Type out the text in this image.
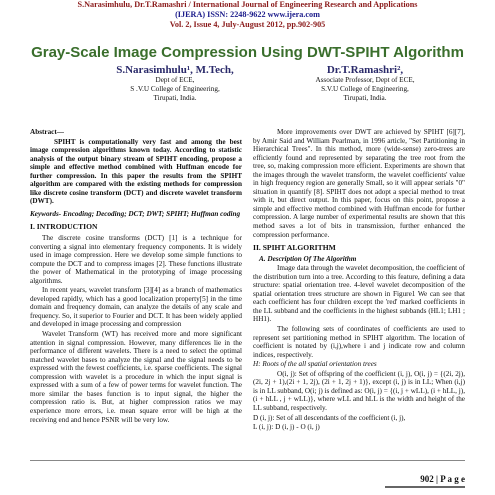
S.Narasimhulu, Dr.T.Ramashri / International Journal of Engineering Research and Applications
(IJERA) ISSN: 2248-9622 www.ijera.com
Vol. 2, Issue 4, July-August 2012, pp.902-905
Gray-Scale Image Compression Using DWT-SPIHT Algorithm
S.Narasimhulu¹, M.Tech,
Dept of ECE,
S .V.U College of Engineering,
Tirupati, India.
Dr.T.Ramashri²,
Associate Professor, Dept of ECE,
S.V.U College of Engineering,
Tirupati, India.

Abstract—

SPIHT is computationally very fast and among the best image compression algorithms known today. According to statistic analysis of the output binary stream of SPIHT encoding, propose a simple and effective method combined with Huffman encode for further compression. In this paper the results from the SPIHT algorithm are compared with the existing methods for compression like discrete cosine transform (DCT) and discrete wavelet transform (DWT).

Keywords- Encoding; Decoding; DCT; DWT; SPIHT; Huffman coding

I. INTRODUCTION

The discrete cosine transforms (DCT) [1] is a technique for converting a signal into elementary frequency components. It is widely used in image compression. Here we develop some simple functions to compute the DCT and to compress images [2]. These functions illustrate the power of Mathematical in the prototyping of image processing algorithms.

In recent years, wavelet transform [3][4] as a branch of mathematics developed rapidly, which has a good localization property[5] in the time domain and frequency domain, can analyze the details of any scale and frequency. So, it superior to Fourier and DCT. It has been widely applied and developed in image processing and compression

Wavelet Transform (WT) has received more and more significant attention in signal compression. However, many differences lie in the performance of different wavelets. There is a need to select the optimal matched wavelet bases to analyze the signal and the signal needs to be expressed with the fewest coefficients, i.e. sparse coefficients. The signal compression with wavelet is a procedure in which the input signal is expressed with a sum of a few of power terms for wavelet function. The more similar the bases function is to input signal, the higher the compression ratio is. But, at higher compression ratios we may experience more errors, i.e. mean square error will be high at the receiving end and hence PSNR will be very low.

More improvements over DWT are achieved by SPIHT [6][7], by Amir Said and William Pearlman, in 1996 article, "Set Partitioning in Hierarchical Trees". In this method, more (wide-sense) zero-trees are efficiently found and represented by separating the tree root from the tree, so, making compression more efficient. Experiments are shown that the images through the wavelet transform, the wavelet coefficients' value in high frequency region are generally Small, so it will appear serials "0" situation in quantify [8]. SPIHT does not adopt a special method to treat with it, but direct output. In this paper, focus on this point, propose a simple and effective method combined with Huffman encode for further compression. A large number of experimental results are shown that this method saves a lot of bits in transmission, further enhanced the compression performance.

II. SPIHT ALGORITHM

A. Description Of The Algorithm

Image data through the wavelet decomposition, the coefficient of the distribution turn into a tree. According to this feature, defining a data structure: spatial orientation tree. 4-level wavelet decomposition of the spatial orientation trees structure are shown in Figure1 We can see that each coefficient has four children except the 'red' marked coefficients in the LL subband and the coefficients in the highest subbands (HL1; LH1 ; HH1).

The following sets of coordinates of coefficients are used to represent set partitioning method in SPIHT algorithm. The location of coefficient is notated by (i,j),where i and j indicate row and column indices, respectively.

H: Roots of the all spatial orientation trees

O(i, j): Set of offspring of the coefficient (i, j), O(i, j) = {(2i, 2j), (2i, 2j + 1),(2i + 1, 2j), (2i + 1, 2j + 1)}, except (i, j) is in LL; When (i,j) is in LL subband, O(i; j) is defined as: O(i, j) = {(i, j + wLL), (i + hLL, j), (i + hLL , j + wLL)}, where wLL and hLL is the width and height of the LL subband, respectively.

D (i, j): Set of all descendants of the coefficient (i, j),

L (i, j): D (i, j) - O (i, j)

902 | P a g e
